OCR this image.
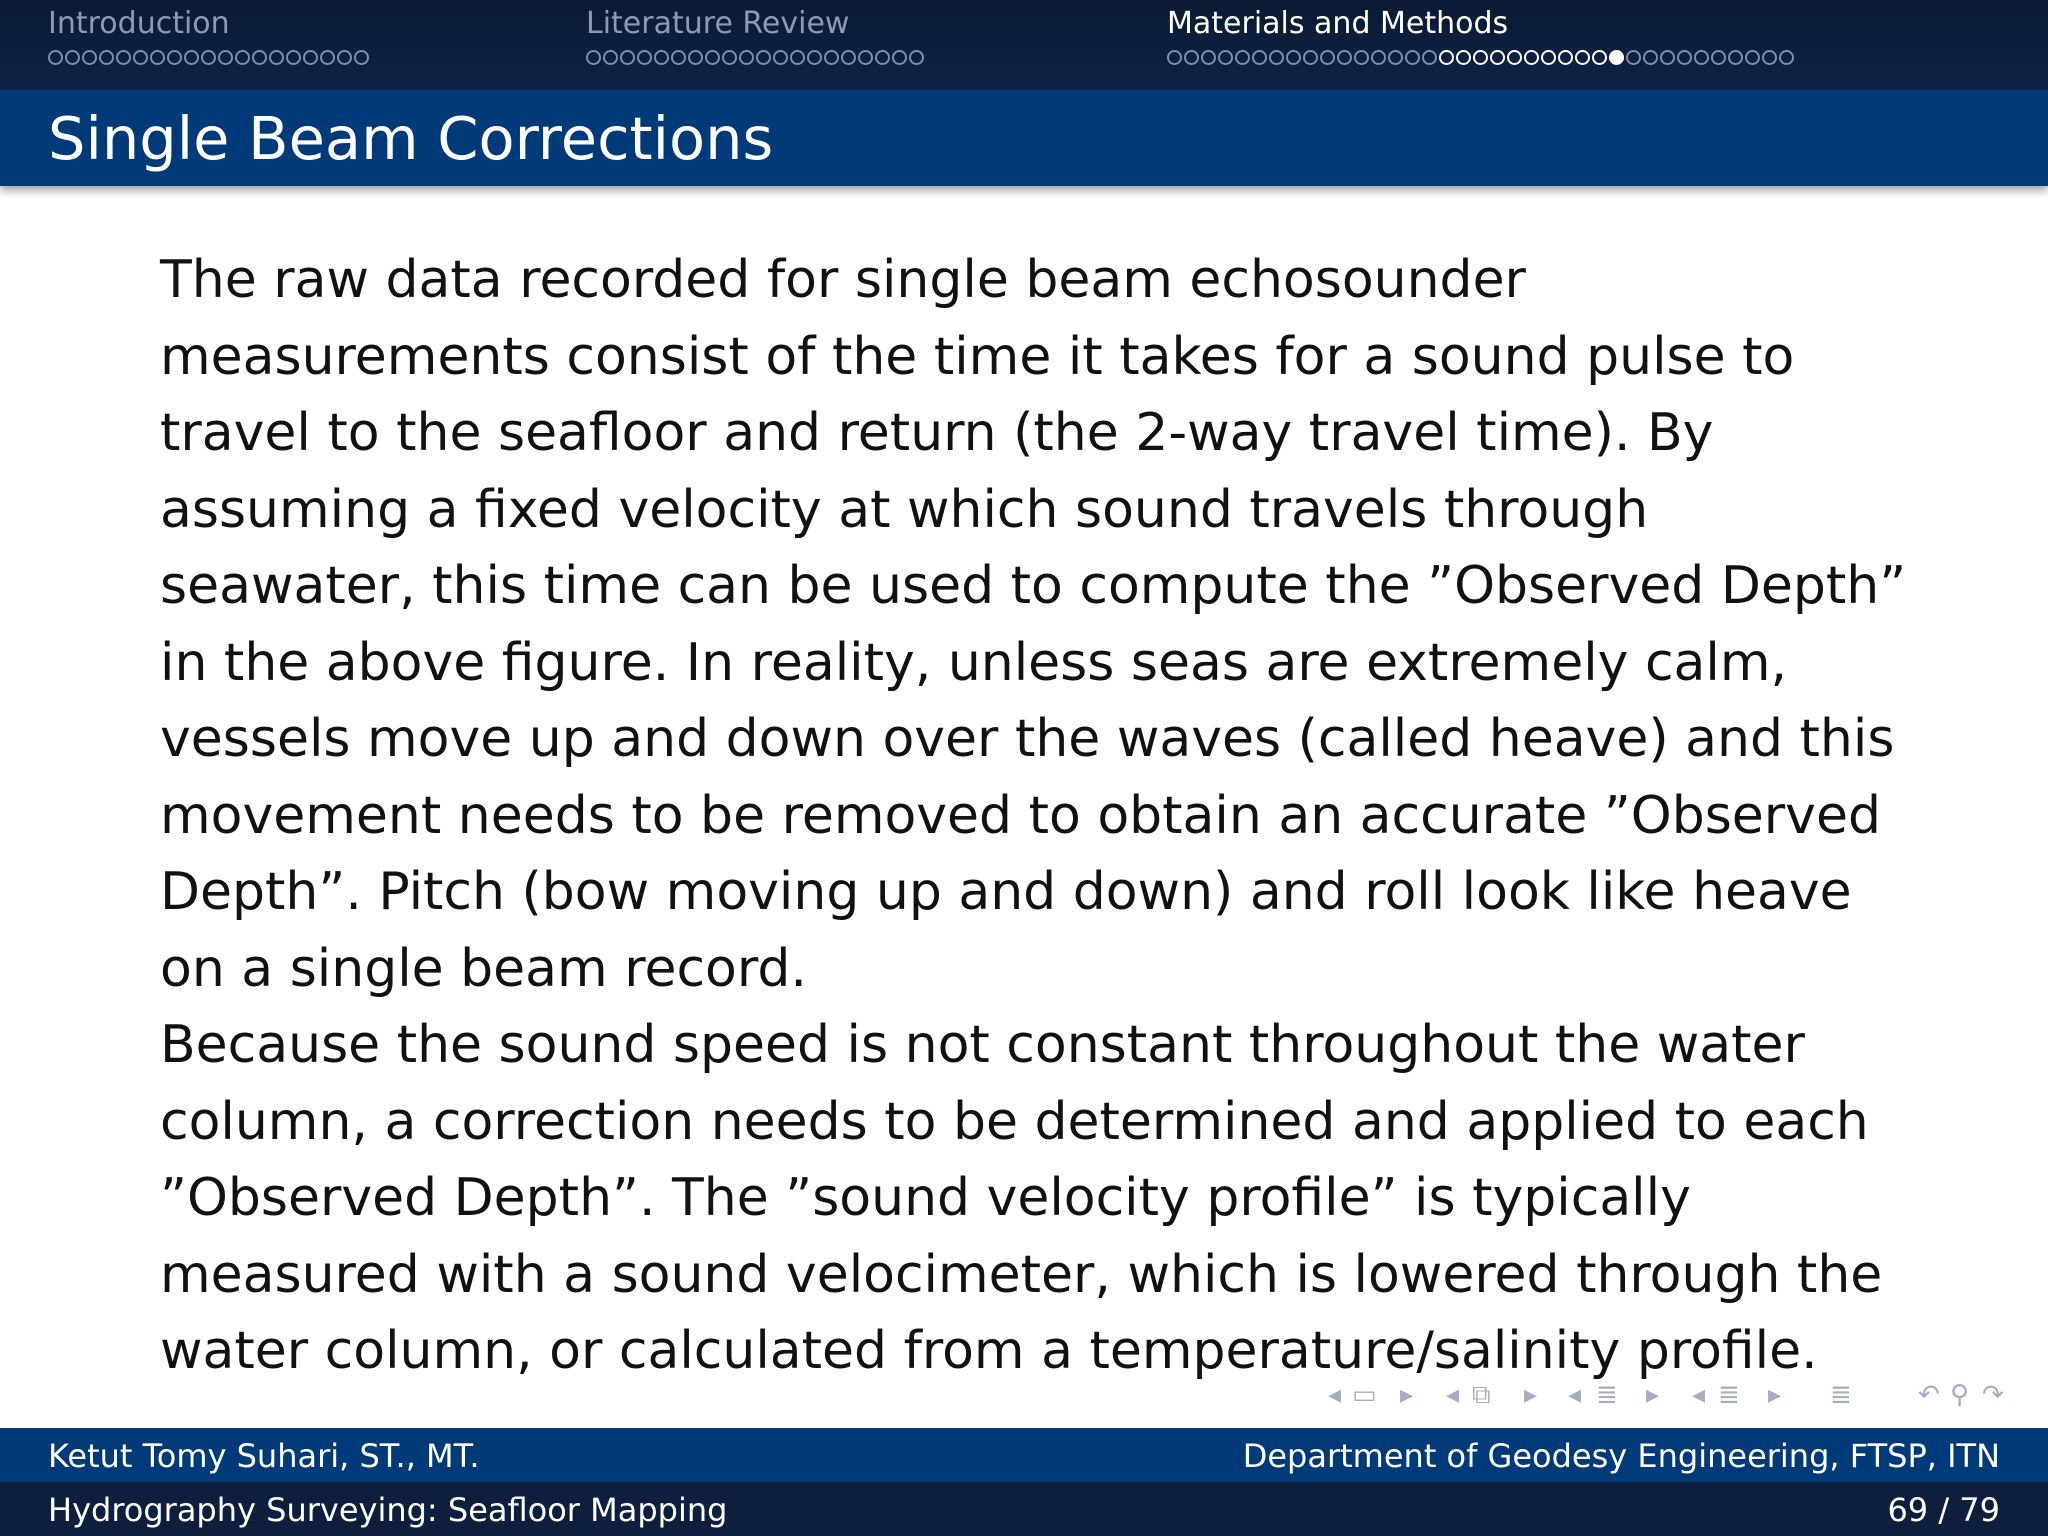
Introduction	Literature Review	Materials and Methods
Single Beam Corrections

The raw data recorded for single beam echosounder measurements consist of the time it takes for a sound pulse to travel to the seafloor and return (the 2-way travel time). By assuming a fixed velocity at which sound travels through seawater, this time can be used to compute the ”Observed Depth” in the above figure. In reality, unless seas are extremely calm, vessels move up and down over the waves (called heave) and this movement needs to be removed to obtain an accurate ”Observed Depth”. Pitch (bow moving up and down) and roll look like heave on a single beam record.

Because the sound speed is not constant throughout the water column, a correction needs to be determined and applied to each ”Observed Depth”. The ”sound velocity profile” is typically measured with a sound velocimeter, which is lowered through the water column, or calculated from a temperature/salinity profile.

◂ ▭ ▸ ◂ ⧉ ▸ ◂ ≣ ▸ ◂ ≣ ▸ ≣	↶ ⚲ ↷
Ketut Tomy Suhari, ST., MT.	Department of Geodesy Engineering, FTSP, ITN
Hydrography Surveying: Seafloor Mapping	69 / 79
